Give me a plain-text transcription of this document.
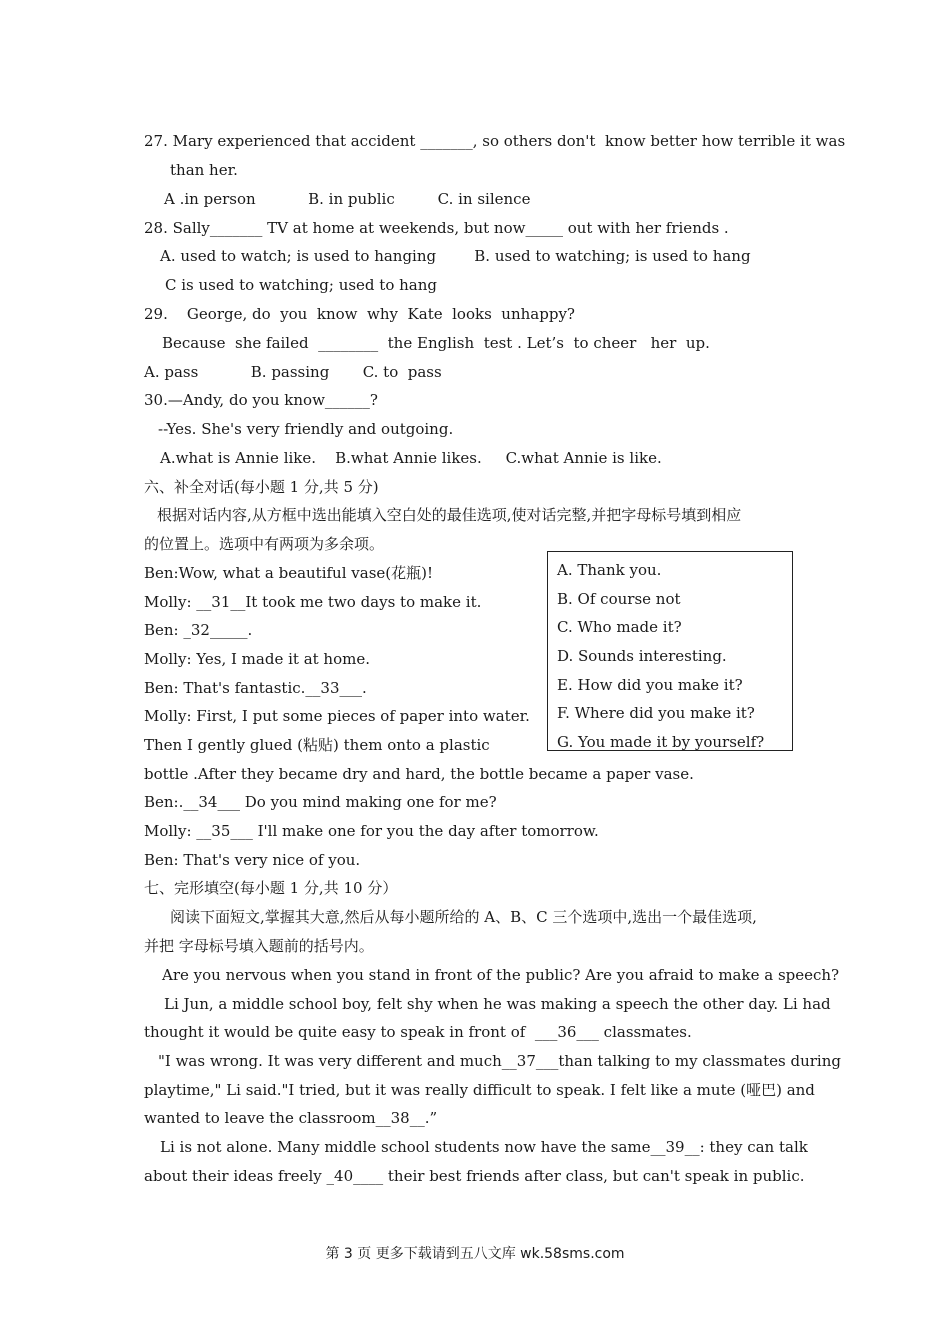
27. Mary experienced that accident _______, so others don't  know better how terrible it was
than her.
A .in person           B. in public         C. in silence
28. Sally_______ TV at home at weekends, but now_____ out with her friends .
A. used to watch; is used to hanging        B. used to watching; is used to hang
C is used to watching; used to hang
29.    George, do  you  know  why  Kate  looks  unhappy?
Because  she failed  ________  the English  test . Let’s  to cheer   her  up.
A. pass           B. passing       C. to  pass
30.—Andy, do you know______?
--Yes. She's very friendly and outgoing.
A.what is Annie like.    B.what Annie likes.     C.what Annie is like.
六、补全对话(每小题 1 分,共 5 分)
根据对话内容,从方框中选出能填入空白处的最佳选项,使对话完整,并把字母标号填到相应
的位置上。选项中有两项为多余项。
Ben:Wow, what a beautiful vase(花瓶)!
Molly: __31__It took me two days to make it.
Ben: _32_____.
Molly: Yes, I made it at home.
Ben: That's fantastic.__33___.
Molly: First, I put some pieces of paper into water.
Then I gently glued (粘贴) them onto a plastic
bottle .After they became dry and hard, the bottle became a paper vase.
Ben:.__34___ Do you mind making one for me?
Molly: __35___ I'll make one for you the day after tomorrow.
Ben: That's very nice of you.
A. Thank you.
B. Of course not
C. Who made it?
D. Sounds interesting.
E. How did you make it?
F. Where did you make it?
G. You made it by yourself?
七、完形填空(每小题 1 分,共 10 分）
阅读下面短文,掌握其大意,然后从每小题所给的 A、B、C 三个选项中,选出一个最佳选项,
并把 字母标号填入题前的括号内。
Are you nervous when you stand in front of the public? Are you afraid to make a speech?
Li Jun, a middle school boy, felt shy when he was making a speech the other day. Li had
thought it would be quite easy to speak in front of  ___36___ classmates.
"I was wrong. It was very different and much__37___than talking to my classmates during
playtime," Li said."I tried, but it was really difficult to speak. I felt like a mute (哑巴) and
wanted to leave the classroom__38__.”
Li is not alone. Many middle school students now have the same__39__: they can talk
about their ideas freely _40____ their best friends after class, but can't speak in public.
第 3 页 更多下载请到五八文库 wk.58sms.com
